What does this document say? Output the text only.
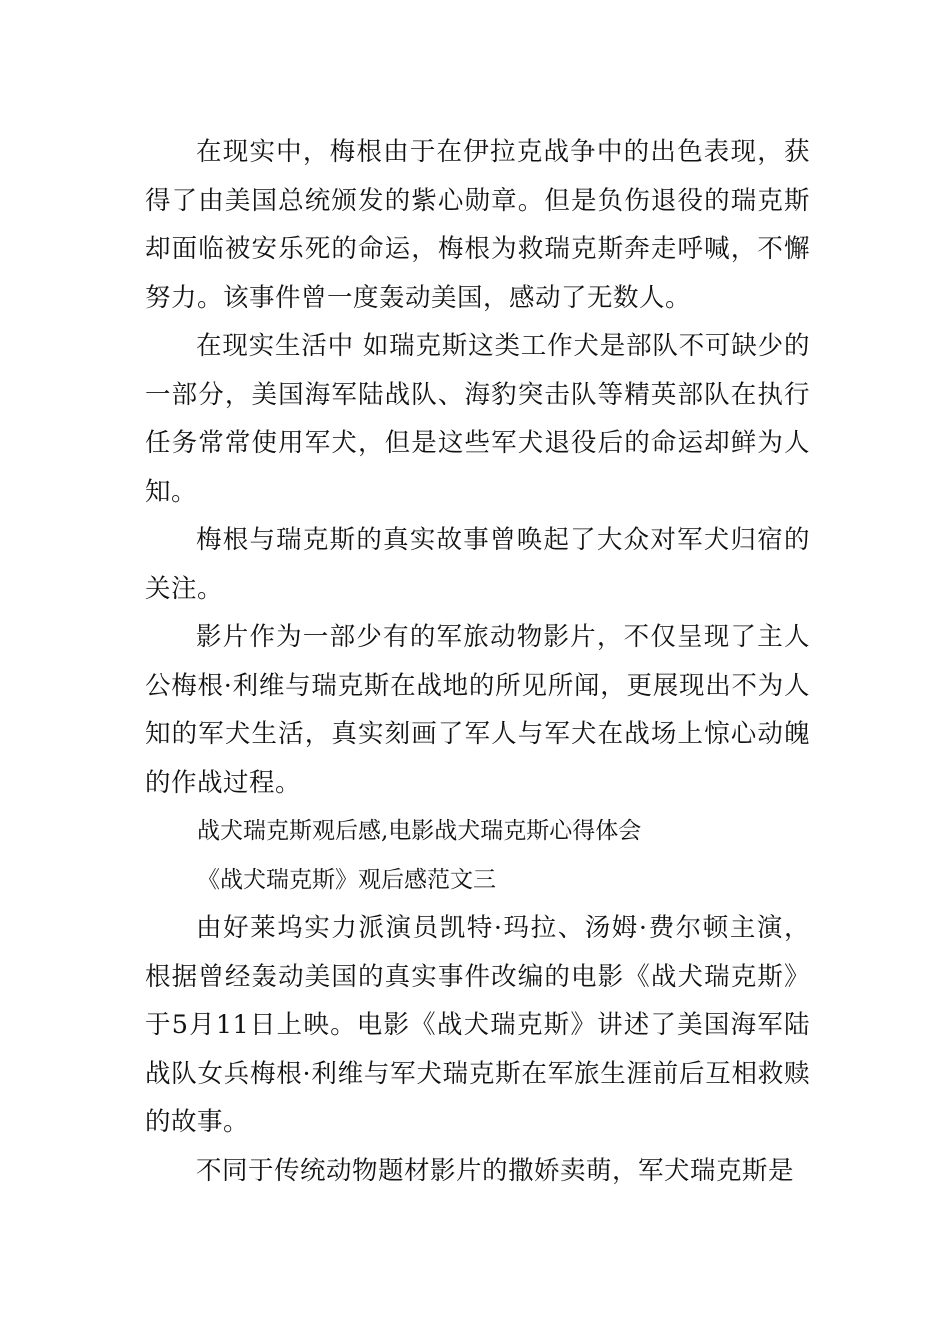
在现实中，梅根由于在伊拉克战争中的出色表现，获得了由美国总统颁发的紫心勋章。但是负伤退役的瑞克斯却面临被安乐死的命运，梅根为救瑞克斯奔走呼喊，不懈努力。该事件曾一度轰动美国，感动了无数人。

在现实生活中 如瑞克斯这类工作犬是部队不可缺少的一部分，美国海军陆战队、海豹突击队等精英部队在执行任务常常使用军犬，但是这些军犬退役后的命运却鲜为人知。

梅根与瑞克斯的真实故事曾唤起了大众对军犬归宿的关注。

影片作为一部少有的军旅动物影片，不仅呈现了主人公梅根·利维与瑞克斯在战地的所见所闻，更展现出不为人知的军犬生活，真实刻画了军人与军犬在战场上惊心动魄的作战过程。

战犬瑞克斯观后感,电影战犬瑞克斯心得体会

《战犬瑞克斯》观后感范文三

由好莱坞实力派演员凯特·玛拉、汤姆·费尔顿主演，根据曾经轰动美国的真实事件改编的电影《战犬瑞克斯》于5月11日上映。电影《战犬瑞克斯》讲述了美国海军陆战队女兵梅根·利维与军犬瑞克斯在军旅生涯前后互相救赎的故事。

不同于传统动物题材影片的撒娇卖萌，军犬瑞克斯是
